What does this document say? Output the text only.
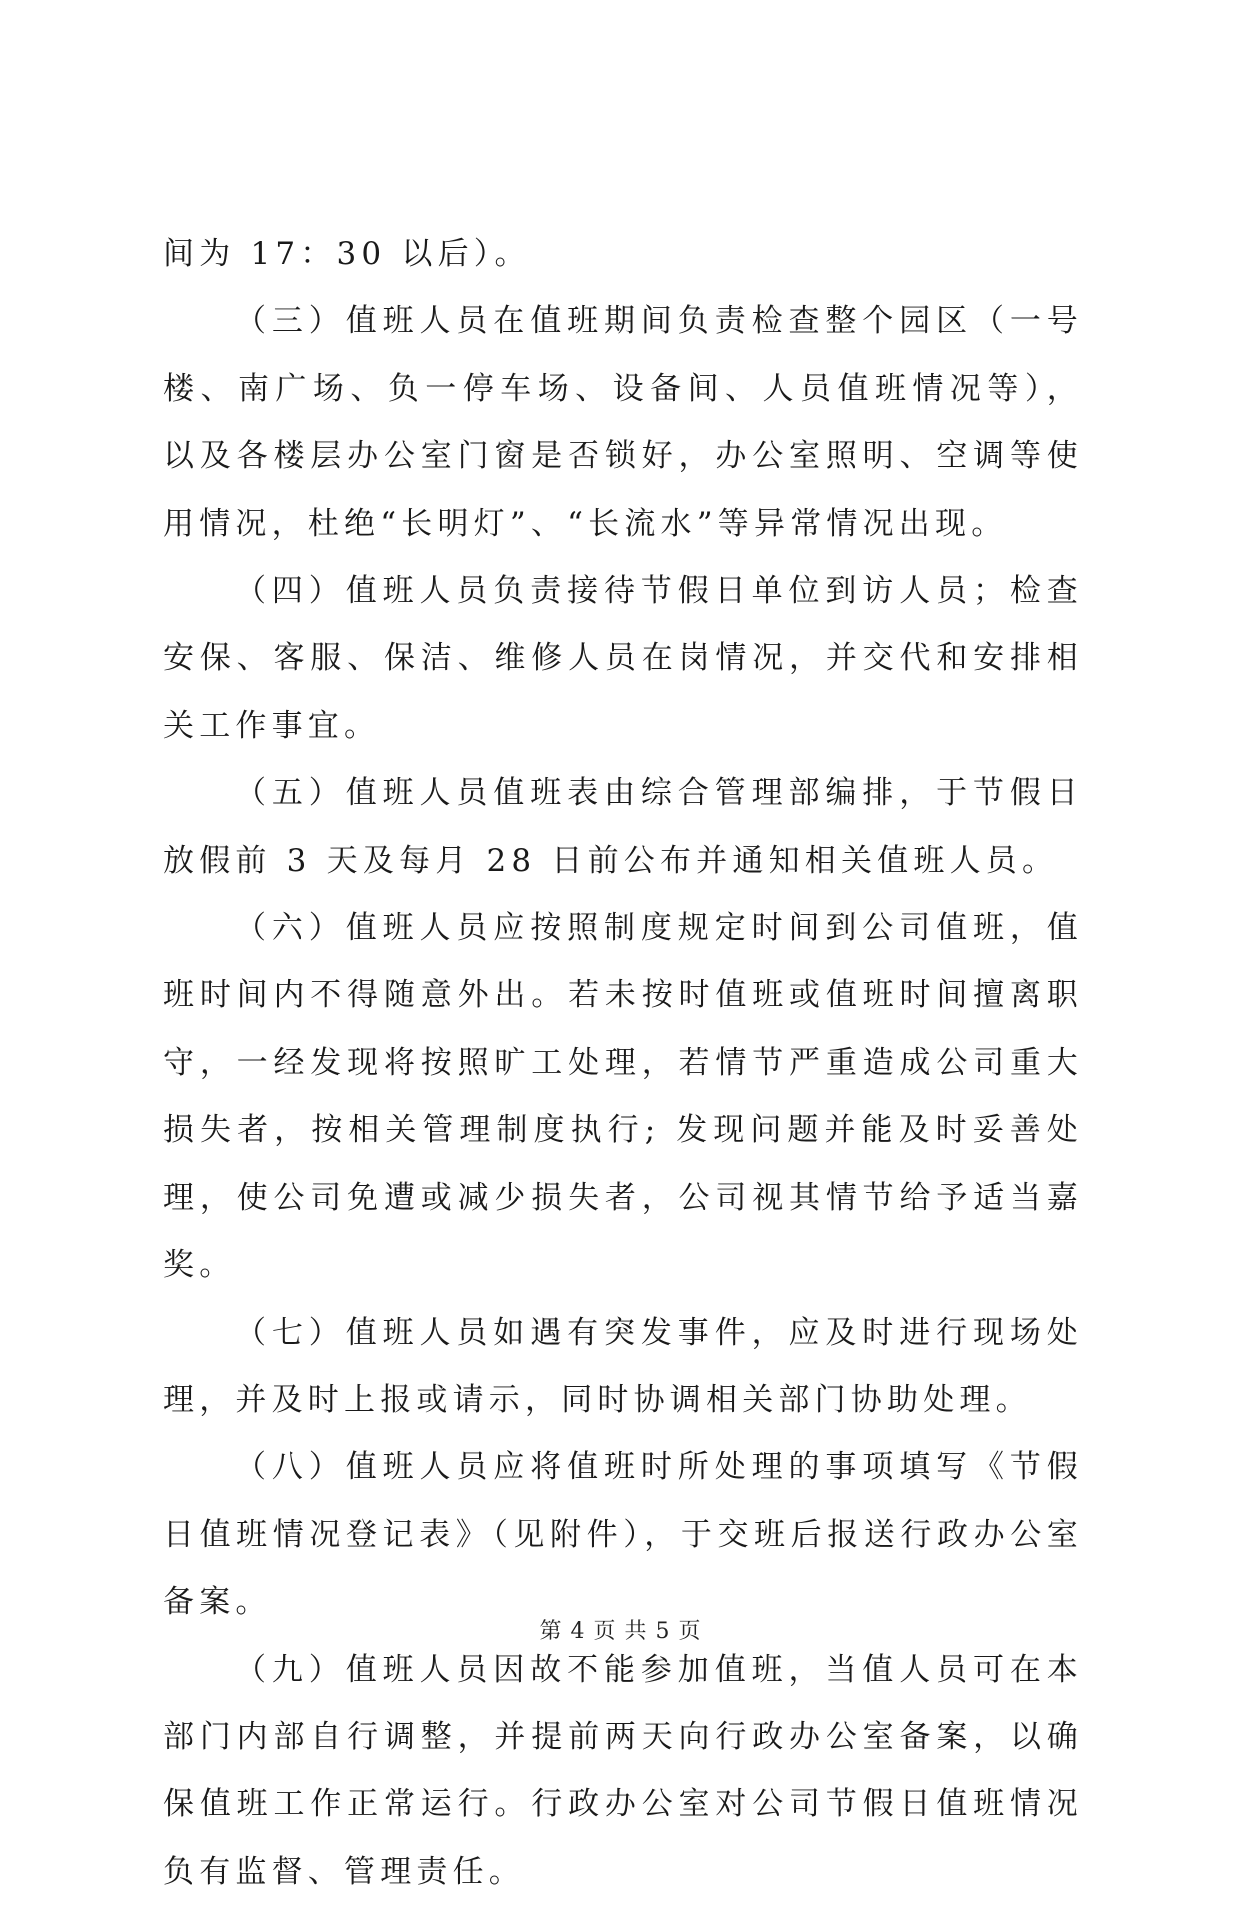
间为 17：30 以后）。

（三）值班人员在值班期间负责检查整个园区（一号楼、南广场、负一停车场、设备间、人员值班情况等），以及各楼层办公室门窗是否锁好，办公室照明、空调等使用情况，杜绝“长明灯”、“长流水”等异常情况出现。

（四）值班人员负责接待节假日单位到访人员；检查安保、客服、保洁、维修人员在岗情况，并交代和安排相关工作事宜。

（五）值班人员值班表由综合管理部编排，于节假日放假前 3 天及每月 28 日前公布并通知相关值班人员。

（六）值班人员应按照制度规定时间到公司值班，值班时间内不得随意外出。若未按时值班或值班时间擅离职守，一经发现将按照旷工处理，若情节严重造成公司重大损失者，按相关管理制度执行; 发现问题并能及时妥善处理，使公司免遭或减少损失者，公司视其情节给予适当嘉奖。

（七）值班人员如遇有突发事件，应及时进行现场处理，并及时上报或请示，同时协调相关部门协助处理。

（八）值班人员应将值班时所处理的事项填写《节假日值班情况登记表》（见附件），于交班后报送行政办公室备案。

（九）值班人员因故不能参加值班，当值人员可在本部门内部自行调整，并提前两天向行政办公室备案，以确保值班工作正常运行。行政办公室对公司节假日值班情况负有监督、管理责任。

第 4 页 共 5 页
